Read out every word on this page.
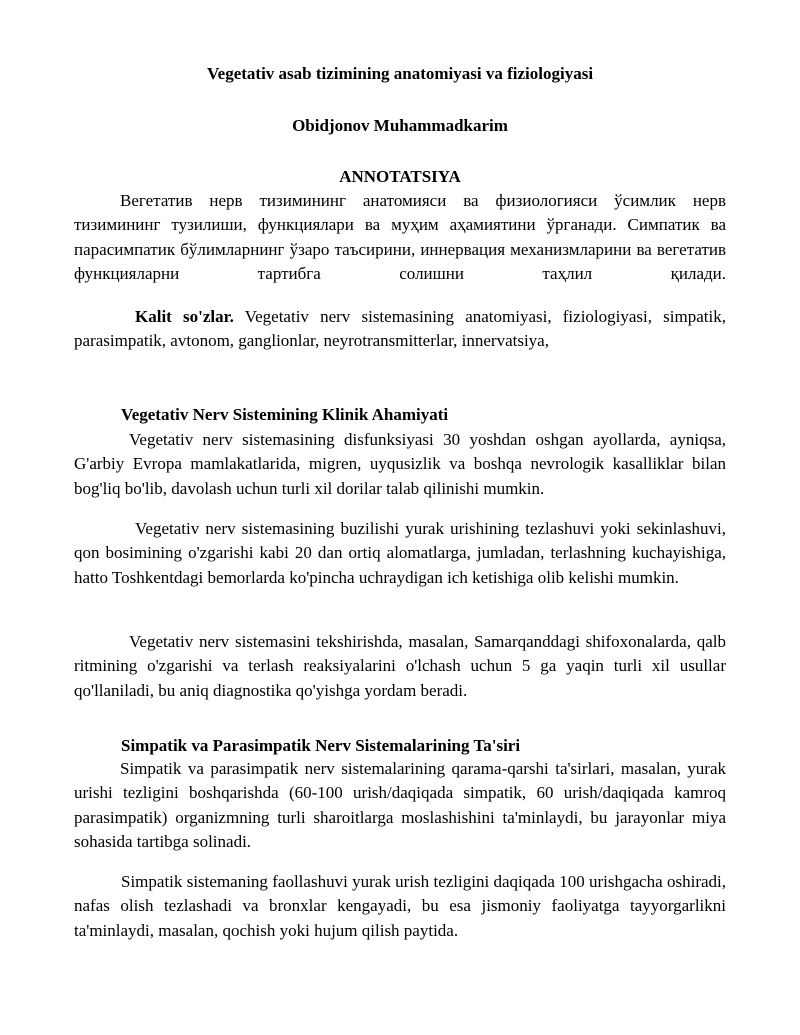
Vegetativ asab tizimining anatomiyasi va fiziologiyasi

Obidjonov Muhammadkarim

ANNOTATSIYA

Вегетатив нерв тизимининг анатомияси ва физиологияси ўсимлик нерв тизимининг тузилиши, функциялари ва муҳим аҳамиятини ўрганади. Симпатик ва парасимпатик бўлимларнинг ўзаро таъсирини, иннервация механизмларини ва вегетатив функцияларни тартибга солишни таҳлил қилади.

Kalit so'zlar. Vegetativ nerv sistemasining anatomiyasi, fiziologiyasi, simpatik, parasimpatik, avtonom, ganglionlar, neyrotransmitterlar, innervatsiya,

Vegetativ Nerv Sistemining Klinik Ahamiyati

Vegetativ nerv sistemasining disfunksiyasi 30 yoshdan oshgan ayollarda, ayniqsa, G'arbiy Evropa mamlakatlarida, migren, uyqusizlik va boshqa nevrologik kasalliklar bilan bog'liq bo'lib, davolash uchun turli xil dorilar talab qilinishi mumkin.

Vegetativ nerv sistemasining buzilishi yurak urishining tezlashuvi yoki sekinlashuvi, qon bosimining o'zgarishi kabi 20 dan ortiq alomatlarga, jumladan, terlashning kuchayishiga, hatto Toshkentdagi bemorlarda ko'pincha uchraydigan ich ketishiga olib kelishi mumkin.

Vegetativ nerv sistemasini tekshirishda, masalan, Samarqanddagi shifoxonalarda, qalb ritmining o'zgarishi va terlash reaksiyalarini o'lchash uchun 5 ga yaqin turli xil usullar qo'llaniladi, bu aniq diagnostika qo'yishga yordam beradi.

Simpatik va Parasimpatik Nerv Sistemalarining Ta'siri

Simpatik va parasimpatik nerv sistemalarining qarama-qarshi ta'sirlari, masalan, yurak urishi tezligini boshqarishda (60-100 urish/daqiqada simpatik, 60 urish/daqiqada kamroq parasimpatik) organizmning turli sharoitlarga moslashishini ta'minlaydi, bu jarayonlar miya sohasida tartibga solinadi.

Simpatik sistemaning faollashuvi yurak urish tezligini daqiqada 100 urishgacha oshiradi, nafas olish tezlashadi va bronxlar kengayadi, bu esa jismoniy faoliyatga tayyorgarlikni ta'minlaydi, masalan, qochish yoki hujum qilish paytida.
